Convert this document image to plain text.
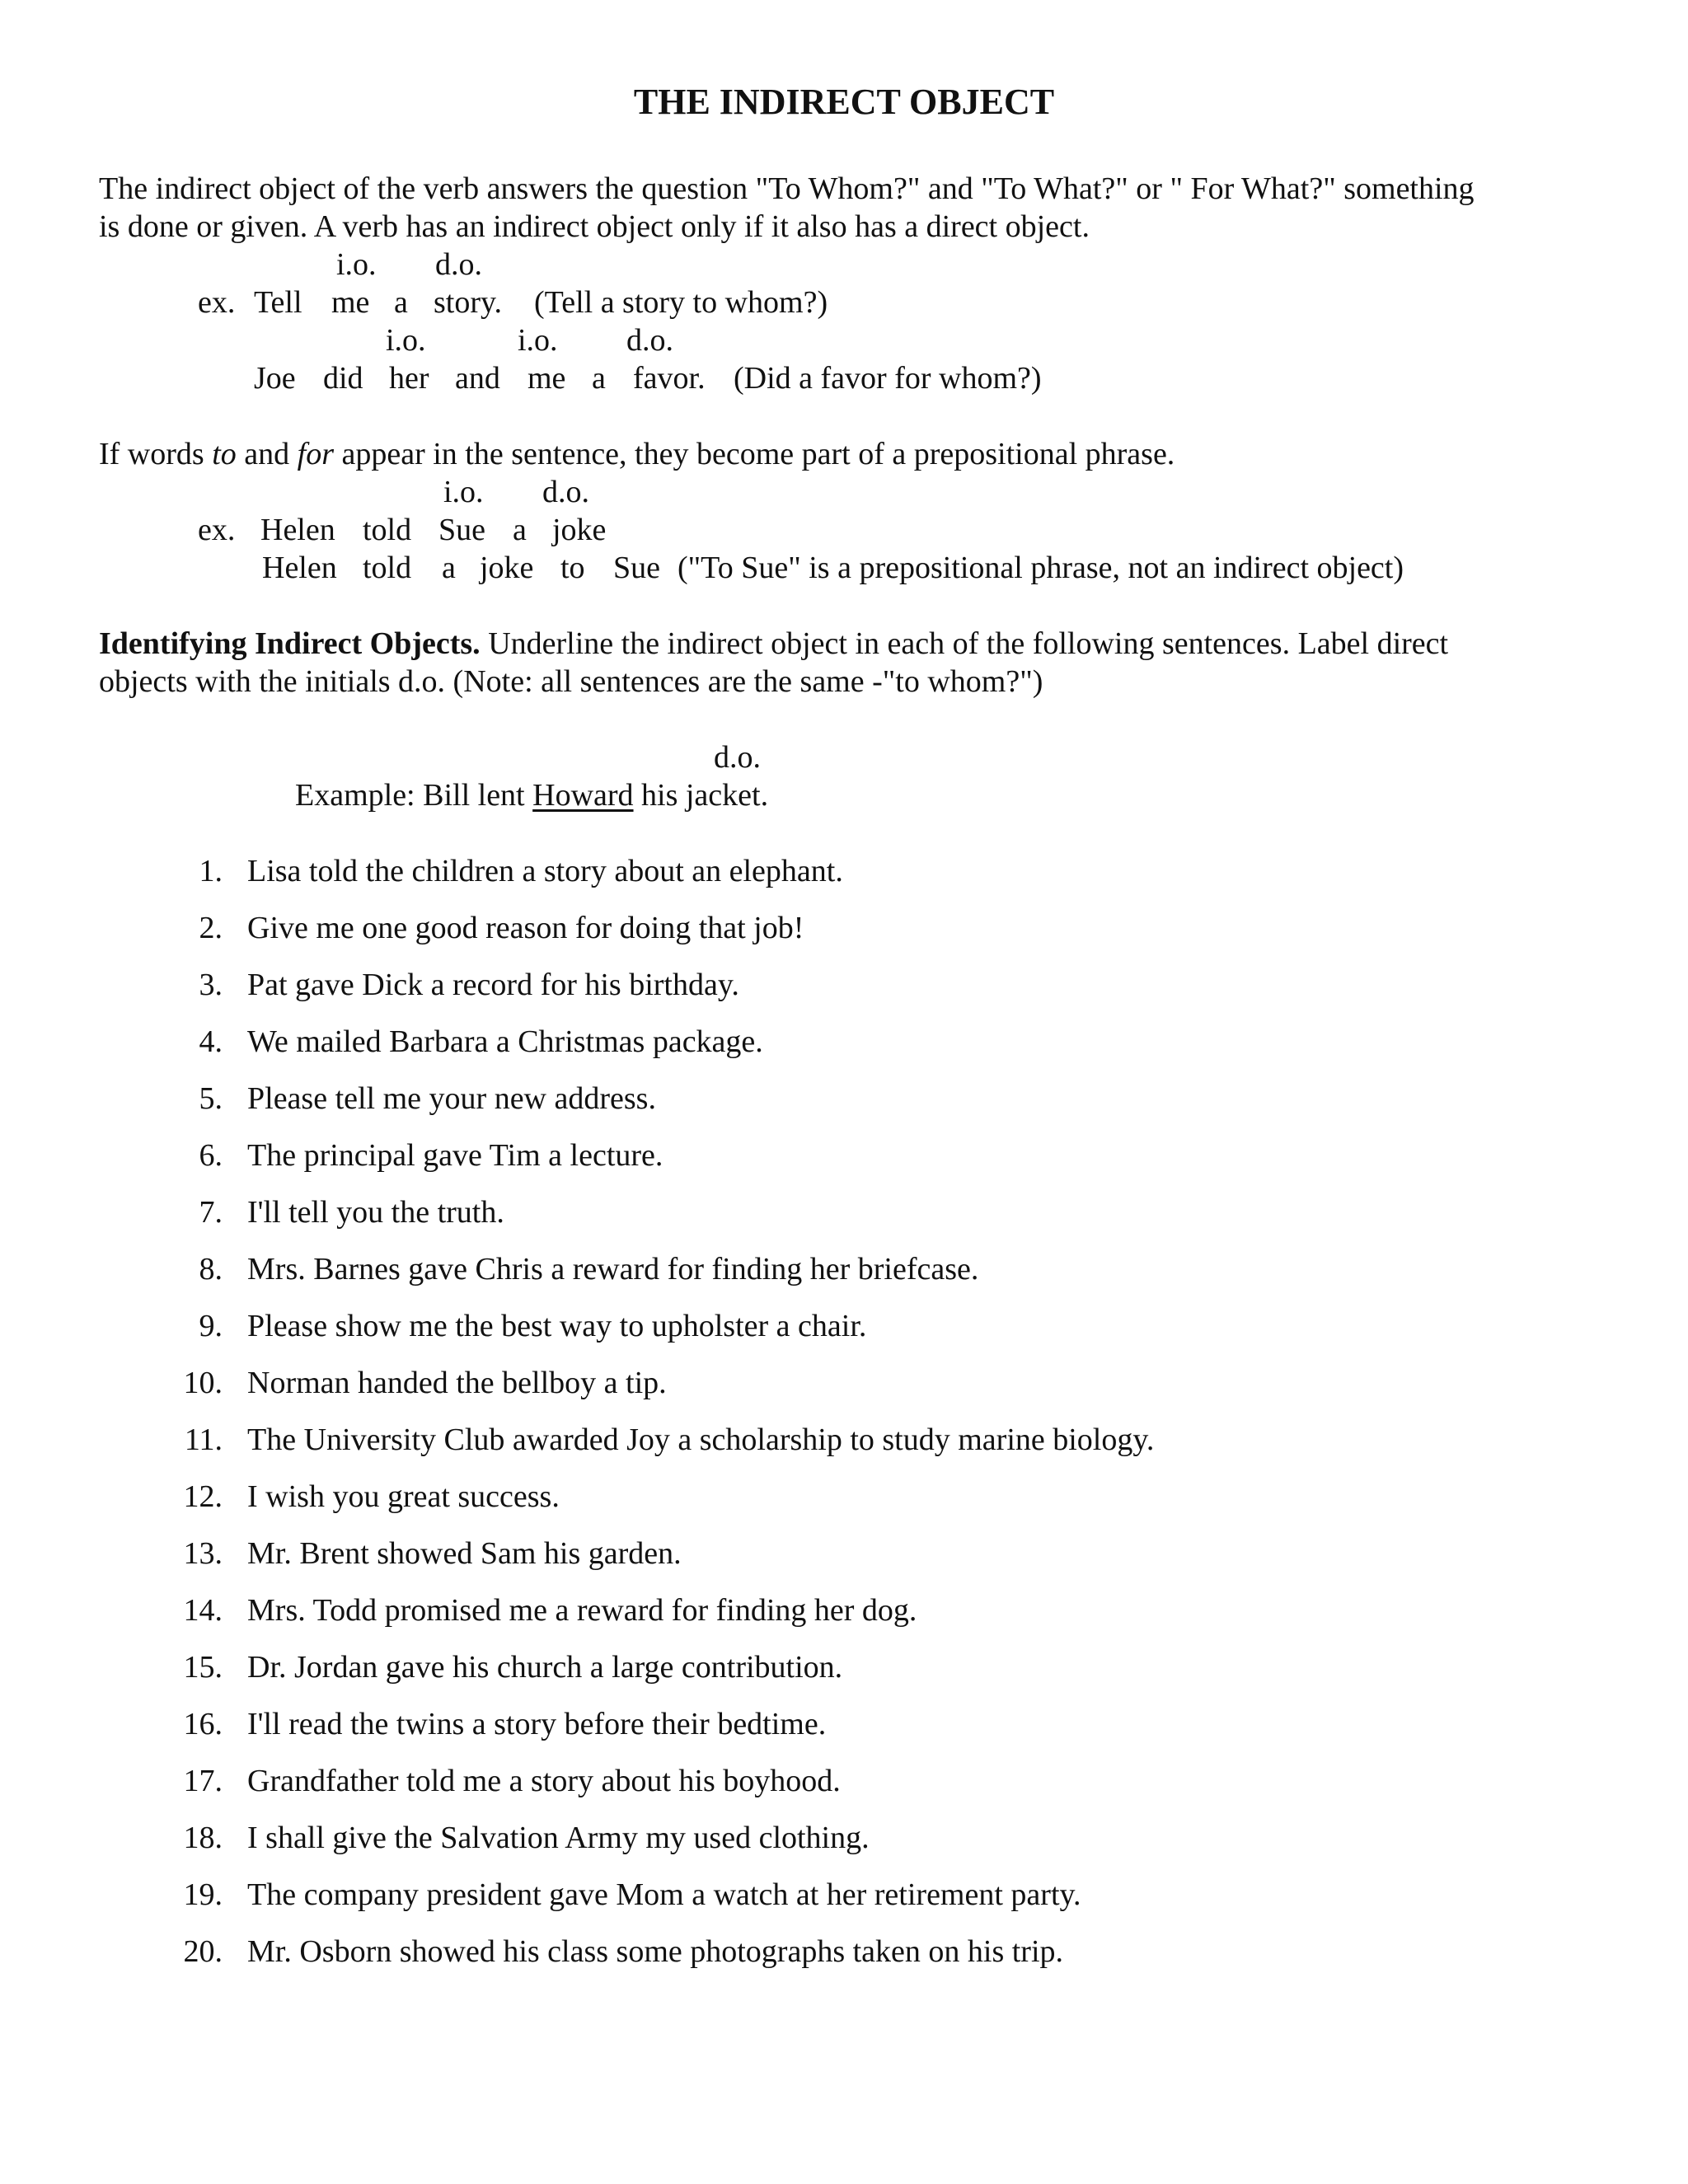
THE INDIRECT OBJECT
The indirect object of the verb answers the question "To Whom?" and "To What?" or " For What?" something
is done or given. A verb has an indirect object only if it also has a direct object.
i.o. d.o.
ex. Tell me a story. (Tell a story to whom?)
i.o.	i.o. d.o.
Joe did her and me a favor. (Did a favor for whom?)
If words to and for appear in the sentence, they become part of a prepositional phrase.
i.o. d.o.
ex. Helen told Sue a joke
Helen told a joke to Sue ("To Sue" is a prepositional phrase, not an indirect object)
Identifying Indirect Objects. Underline the indirect object in each of the following sentences. Label direct
objects with the initials d.o. (Note: all sentences are the same -"to whom?")
d.o.
Example: Bill lent Howard his jacket.
1. Lisa told the children a story about an elephant.
2. Give me one good reason for doing that job!
3. Pat gave Dick a record for his birthday.
4. We mailed Barbara a Christmas package.
5. Please tell me your new address.
6. The principal gave Tim a lecture.
7. I'll tell you the truth.
8. Mrs. Barnes gave Chris a reward for finding her briefcase.
9. Please show me the best way to upholster a chair.
10. Norman handed the bellboy a tip.
11. The University Club awarded Joy a scholarship to study marine biology.
12. I wish you great success.
13. Mr. Brent showed Sam his garden.
14. Mrs. Todd promised me a reward for finding her dog.
15. Dr. Jordan gave his church a large contribution.
16. I'll read the twins a story before their bedtime.
17. Grandfather told me a story about his boyhood.
18. I shall give the Salvation Army my used clothing.
19. The company president gave Mom a watch at her retirement party.
20. Mr. Osborn showed his class some photographs taken on his trip.
